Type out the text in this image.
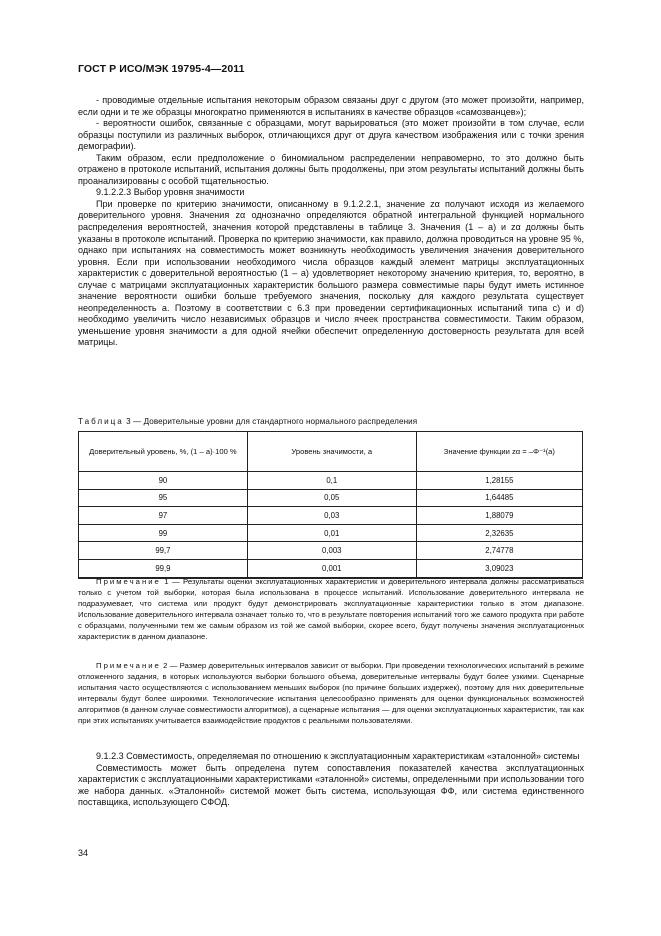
ГОСТ Р ИСО/МЭК 19795-4—2011

- проводимые отдельные испытания некоторым образом связаны друг с другом (это может произойти, например, если одни и те же образцы многократно применяются в испытаниях в качестве образцов «самозванцев»);

- вероятности ошибок, связанные с образцами, могут варьироваться (это может произойти в том случае, если образцы поступили из различных выборок, отличающихся друг от друга качеством изображения или с точки зрения демографии).

Таким образом, если предположение о биномиальном распределении неправомерно, то это должно быть отражено в протоколе испытаний, испытания должны быть продолжены, при этом результаты испытаний должны быть проанализированы с особой тщательностью.

9.1.2.2.3 Выбор уровня значимости

При проверке по критерию значимости, описанному в 9.1.2.2.1, значение zα получают исходя из желаемого доверительного уровня. Значения zα однозначно определяются обратной интегральной функцией нормального распределения вероятностей, значения которой представлены в таблице 3. Значения (1 – a) и zα должны быть указаны в протоколе испытаний. Проверка по критерию значимости, как правило, должна проводиться на уровне 95 %, однако при испытаниях на совместимость может возникнуть необходимость увеличения значения доверительного уровня. Если при использовании необходимого числа образцов каждый элемент матрицы эксплуатационных характеристик с доверительной вероятностью (1 – a) удовлетворяет некоторому значению критерия, то, вероятно, в случае с матрицами эксплуатационных характеристик большого размера совместимые пары будут иметь истинное значение вероятности ошибки больше требуемого значения, поскольку для каждого результата существует неопределенность a. Поэтому в соответствии с 6.3 при проведении сертификационных испытаний типа с) и d) необходимо увеличить число независимых образцов и число ячеек пространства совместимости. Таким образом, уменьшение уровня значимости a для одной ячейки обеспечит определенную достоверность результата для всей матрицы.

Таблица 3 — Доверительные уровни для стандартного нормального распределения
Доверительный уровень, %, (1 – a)·100 %	Уровень значимости, a	Значение функции zα = –Φ⁻¹(a)
90	0,1	1,28155
95	0,05	1,64485
97	0,03	1,88079
99	0,01	2,32635
99,7	0,003	2,74778
99,9	0,001	3,09023

Примечание 1 — Результаты оценки эксплуатационных характеристик и доверительного интервала должны рассматриваться только с учетом той выборки, которая была использована в процессе испытаний. Использование доверительного интервала не подразумевает, что система или продукт будут демонстрировать эксплуатационные характеристики только в этом диапазоне. Использование доверительного интервала означает только то, что в результате повторения испытаний того же самого продукта при работе с образцами, полученными тем же самым образом из той же самой выборки, скорее всего, будут получены значения эксплуатационных характеристик в данном диапазоне.

Примечание 2 — Размер доверительных интервалов зависит от выборки. При проведении технологических испытаний в режиме отложенного задания, в которых используются выборки большого объема, доверительные интервалы будут более узкими. Сценарные испытания часто осуществляются с использованием меньших выборок (по причине больших издержек), поэтому для них доверительные интервалы будут более широкими. Технологические испытания целесообразно применять для оценки функциональных возможностей алгоритмов (в данном случае совместимости алгоритмов), а сценарные испытания — для оценки эксплуатационных характеристик, так как при этих испытаниях учитывается взаимодействие продуктов с реальными пользователями.

9.1.2.3 Совместимость, определяемая по отношению к эксплуатационным характеристикам «эталонной» системы

Совместимость может быть определена путем сопоставления показателей качества эксплуатационных характеристик с эксплуатационными характеристиками «эталонной» системы, определенными при использовании того же набора данных. «Эталонной» системой может быть система, использующая ФФ, или система единственного поставщика, использующего СФОД.

34
